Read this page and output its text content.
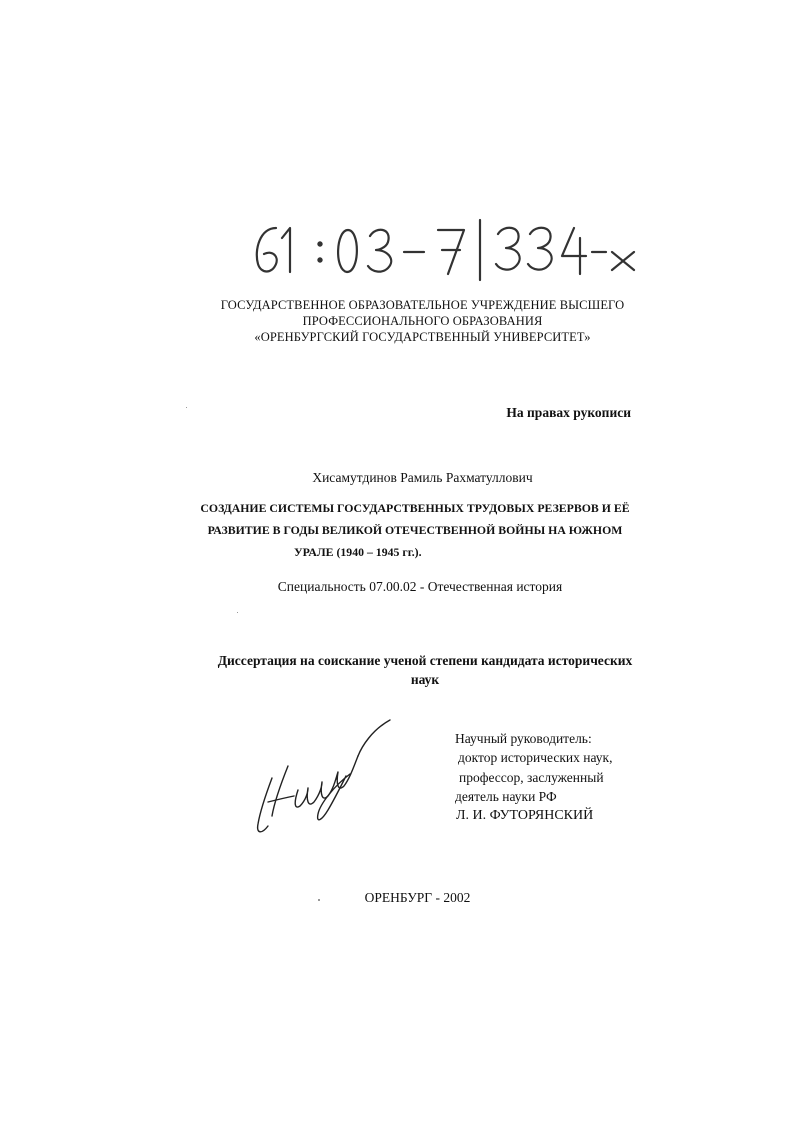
ГОСУДАРСТВЕННОЕ ОБРАЗОВАТЕЛЬНОЕ УЧРЕЖДЕНИЕ ВЫСШЕГО
ПРОФЕССИОНАЛЬНОГО ОБРАЗОВАНИЯ
«ОРЕНБУРГСКИЙ ГОСУДАРСТВЕННЫЙ УНИВЕРСИТЕТ»
На правах рукописи
Хисамутдинов Рамиль Рахматуллович
СОЗДАНИЕ СИСТЕМЫ ГОСУДАРСТВЕННЫХ ТРУДОВЫХ РЕЗЕРВОВ И ЕЁ
РАЗВИТИЕ В ГОДЫ ВЕЛИКОЙ ОТЕЧЕСТВЕННОЙ ВОЙНЫ НА ЮЖНОМ
УРАЛЕ (1940 – 1945 гг.).
Специальность 07.00.02 - Отечественная история
Диссертация на соискание ученой степени кандидата исторических
наук
Научный руководитель:
доктор исторических наук,
профессор, заслуженный
деятель науки РФ
Л. И. ФУТОРЯНСКИЙ
ОРЕНБУРГ - 2002
